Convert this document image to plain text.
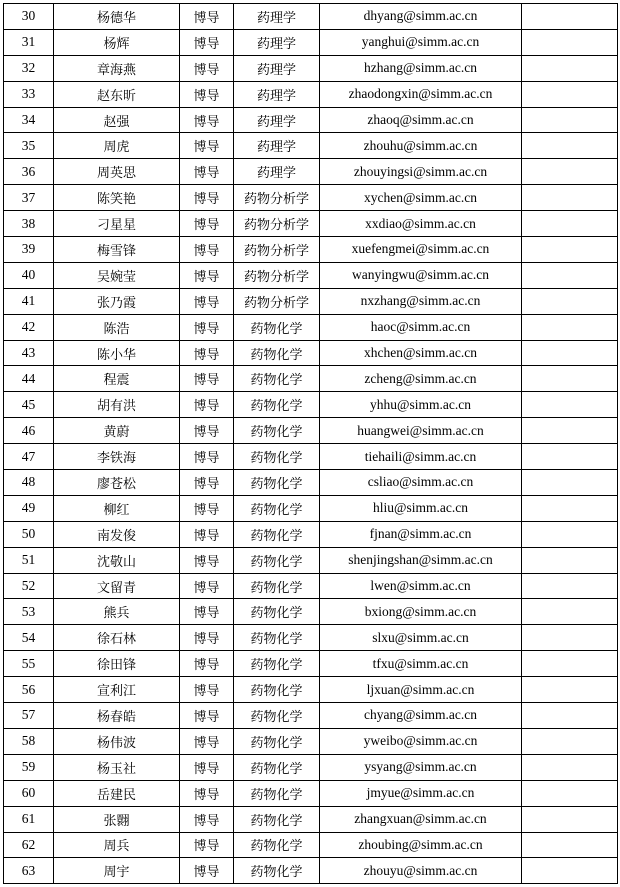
30	杨德华	博导	药理学	dhyang@simm.ac.cn	
31	杨辉	博导	药理学	yanghui@simm.ac.cn	
32	章海燕	博导	药理学	hzhang@simm.ac.cn	
33	赵东昕	博导	药理学	zhaodongxin@simm.ac.cn	
34	赵强	博导	药理学	zhaoq@simm.ac.cn	
35	周虎	博导	药理学	zhouhu@simm.ac.cn	
36	周英思	博导	药理学	zhouyingsi@simm.ac.cn	
37	陈笑艳	博导	药物分析学	xychen@simm.ac.cn	
38	刁星星	博导	药物分析学	xxdiao@simm.ac.cn	
39	梅雪锋	博导	药物分析学	xuefengmei@simm.ac.cn	
40	吴婉莹	博导	药物分析学	wanyingwu@simm.ac.cn	
41	张乃霞	博导	药物分析学	nxzhang@simm.ac.cn	
42	陈浩	博导	药物化学	haoc@simm.ac.cn	
43	陈小华	博导	药物化学	xhchen@simm.ac.cn	
44	程震	博导	药物化学	zcheng@simm.ac.cn	
45	胡有洪	博导	药物化学	yhhu@simm.ac.cn	
46	黄蔚	博导	药物化学	huangwei@simm.ac.cn	
47	李铁海	博导	药物化学	tiehaili@simm.ac.cn	
48	廖苍松	博导	药物化学	csliao@simm.ac.cn	
49	柳红	博导	药物化学	hliu@simm.ac.cn	
50	南发俊	博导	药物化学	fjnan@simm.ac.cn	
51	沈敬山	博导	药物化学	shenjingshan@simm.ac.cn	
52	文留青	博导	药物化学	lwen@simm.ac.cn	
53	熊兵	博导	药物化学	bxiong@simm.ac.cn	
54	徐石林	博导	药物化学	slxu@simm.ac.cn	
55	徐田锋	博导	药物化学	tfxu@simm.ac.cn	
56	宣利江	博导	药物化学	ljxuan@simm.ac.cn	
57	杨春皓	博导	药物化学	chyang@simm.ac.cn	
58	杨伟波	博导	药物化学	yweibo@simm.ac.cn	
59	杨玉社	博导	药物化学	ysyang@simm.ac.cn	
60	岳建民	博导	药物化学	jmyue@simm.ac.cn	
61	张翾	博导	药物化学	zhangxuan@simm.ac.cn	
62	周兵	博导	药物化学	zhoubing@simm.ac.cn	
63	周宇	博导	药物化学	zhouyu@simm.ac.cn	
